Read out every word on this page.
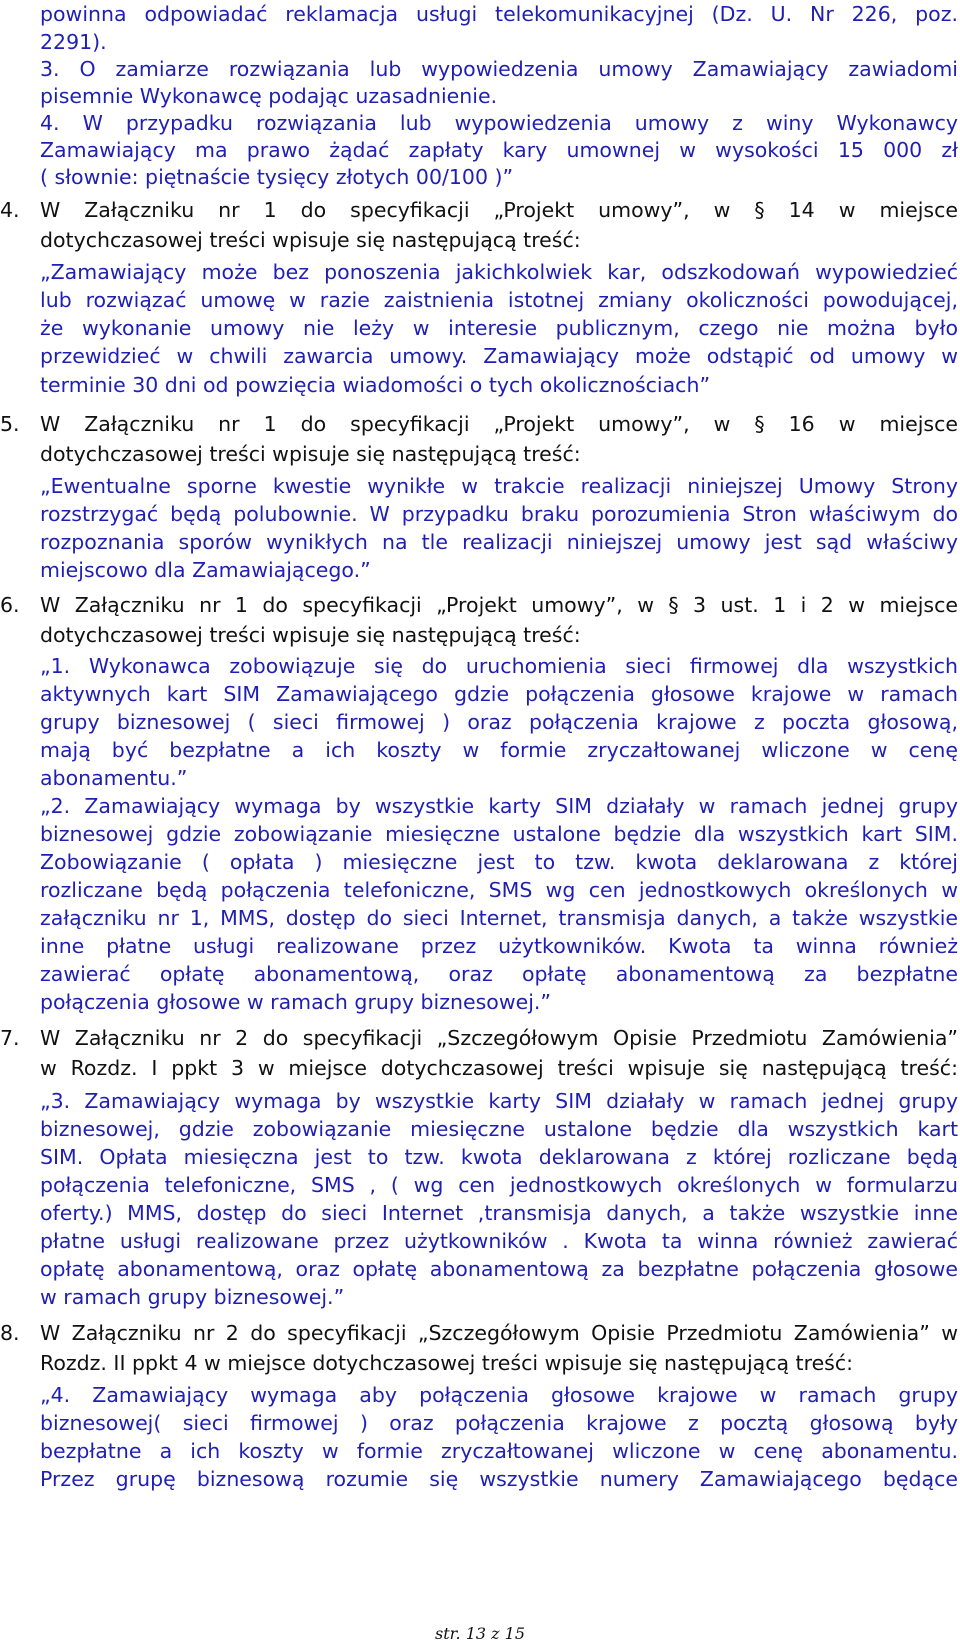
powinna odpowiadać reklamacja usługi telekomunikacyjnej (Dz. U. Nr 226, poz.
2291).
3. O zamiarze rozwiązania lub wypowiedzenia umowy Zamawiający zawiadomi
pisemnie Wykonawcę podając uzasadnienie.
4. W przypadku rozwiązania lub wypowiedzenia umowy z winy Wykonawcy
Zamawiający ma prawo żądać zapłaty kary umownej w wysokości 15 000 zł
( słownie: piętnaście tysięcy złotych 00/100 )”
4. W Załączniku nr 1 do specyfikacji „Projekt umowy”, w § 14 w miejsce
dotychczasowej treści wpisuje się następującą treść:
„Zamawiający może bez ponoszenia jakichkolwiek kar, odszkodowań wypowiedzieć
lub rozwiązać umowę w razie zaistnienia istotnej zmiany okoliczności powodującej,
że wykonanie umowy nie leży w interesie publicznym, czego nie można było
przewidzieć w chwili zawarcia umowy. Zamawiający może odstąpić od umowy w
terminie 30 dni od powzięcia wiadomości o tych okolicznościach”
5. W Załączniku nr 1 do specyfikacji „Projekt umowy”, w § 16 w miejsce
dotychczasowej treści wpisuje się następującą treść:
„Ewentualne sporne kwestie wynikłe w trakcie realizacji niniejszej Umowy Strony
rozstrzygać będą polubownie. W przypadku braku porozumienia Stron właściwym do
rozpoznania sporów wynikłych na tle realizacji niniejszej umowy jest sąd właściwy
miejscowo dla Zamawiającego.”
6. W Załączniku nr 1 do specyfikacji „Projekt umowy”, w § 3 ust. 1 i 2 w miejsce
dotychczasowej treści wpisuje się następującą treść:
„1. Wykonawca zobowiązuje się do uruchomienia sieci firmowej dla wszystkich
aktywnych kart SIM Zamawiającego gdzie połączenia głosowe krajowe w ramach
grupy biznesowej ( sieci firmowej ) oraz połączenia krajowe z poczta głosową,
mają być bezpłatne a ich koszty w formie zryczałtowanej wliczone w cenę
abonamentu.”
„2. Zamawiający wymaga by wszystkie karty SIM działały w ramach jednej grupy
biznesowej gdzie zobowiązanie miesięczne ustalone będzie dla wszystkich kart SIM.
Zobowiązanie ( opłata ) miesięczne jest to tzw. kwota deklarowana z której
rozliczane będą połączenia telefoniczne, SMS wg cen jednostkowych określonych w
załączniku nr 1, MMS, dostęp do sieci Internet, transmisja danych, a także wszystkie
inne płatne usługi realizowane przez użytkowników. Kwota ta winna również
zawierać opłatę abonamentową, oraz opłatę abonamentową za bezpłatne
połączenia głosowe w ramach grupy biznesowej.”
7. W Załączniku nr 2 do specyfikacji „Szczegółowym Opisie Przedmiotu Zamówienia”
w Rozdz. I ppkt 3 w miejsce dotychczasowej treści wpisuje się następującą treść:
„3. Zamawiający wymaga by wszystkie karty SIM działały w ramach jednej grupy
biznesowej, gdzie zobowiązanie miesięczne ustalone będzie dla wszystkich kart
SIM. Opłata miesięczna jest to tzw. kwota deklarowana z której rozliczane będą
połączenia telefoniczne, SMS , ( wg cen jednostkowych określonych w formularzu
oferty.) MMS, dostęp do sieci Internet ,transmisja danych, a także wszystkie inne
płatne usługi realizowane przez użytkowników . Kwota ta winna również zawierać
opłatę abonamentową, oraz opłatę abonamentową za bezpłatne połączenia głosowe
w ramach grupy biznesowej.”
8. W Załączniku nr 2 do specyfikacji „Szczegółowym Opisie Przedmiotu Zamówienia” w
Rozdz. II ppkt 4 w miejsce dotychczasowej treści wpisuje się następującą treść:
„4. Zamawiający wymaga aby połączenia głosowe krajowe w ramach grupy
biznesowej( sieci firmowej ) oraz połączenia krajowe z pocztą głosową były
bezpłatne a ich koszty w formie zryczałtowanej wliczone w cenę abonamentu.
Przez grupę biznesową rozumie się wszystkie numery Zamawiającego będące
str. 13 z 15
